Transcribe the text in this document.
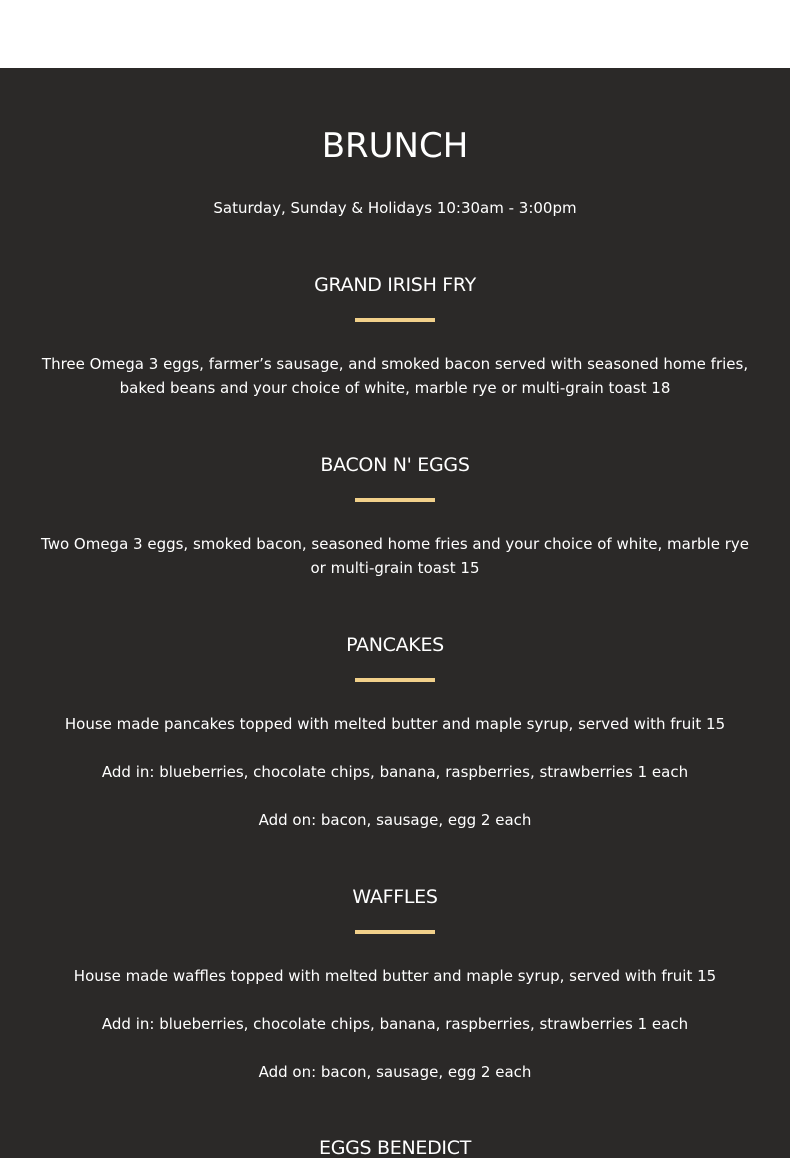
BRUNCH
Saturday, Sunday & Holidays 10:30am - 3:00pm
GRAND IRISH FRY
Three Omega 3 eggs, farmer’s sausage, and smoked bacon served with seasoned home fries, baked beans and your choice of white, marble rye or multi-grain toast 18
BACON N' EGGS
Two Omega 3 eggs, smoked bacon, seasoned home fries and your choice of white, marble rye or multi-grain toast 15
PANCAKES
House made pancakes topped with melted butter and maple syrup, served with fruit 15
Add in: blueberries, chocolate chips, banana, raspberries, strawberries 1 each
Add on: bacon, sausage, egg 2 each
WAFFLES
House made waffles topped with melted butter and maple syrup, served with fruit 15
Add in: blueberries, chocolate chips, banana, raspberries, strawberries 1 each
Add on: bacon, sausage, egg 2 each
EGGS BENEDICT
